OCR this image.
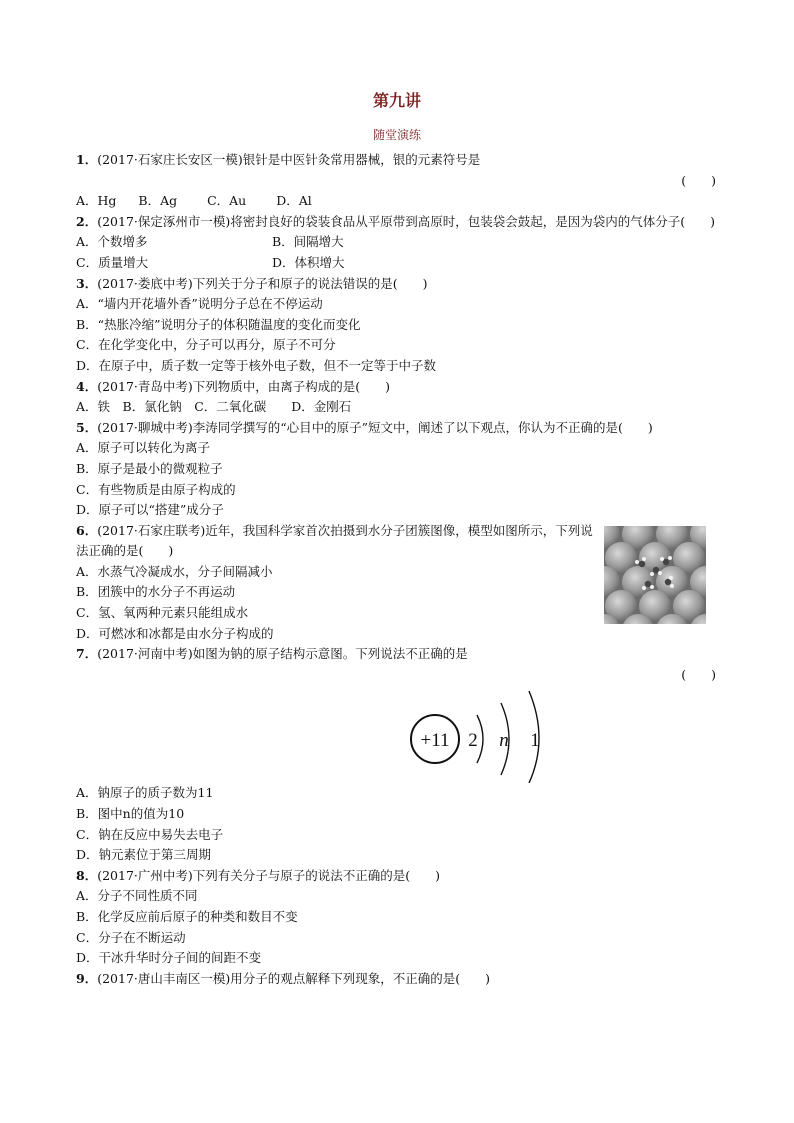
第九讲
随堂演练
1．(2017·石家庄长安区一模)银针是中医针灸常用器械，银的元素符号是
(　　)
A．Hg B．Ag C．Au D．Al
2．(2017·保定涿州市一模)将密封良好的袋装食品从平原带到高原时，包装袋会鼓起，是因为袋内的气体分子(　　)
A．个数增多	B．间隔增大
C．质量增大	D．体积增大
3．(2017·娄底中考)下列关于分子和原子的说法错误的是(　　)
A．“墙内开花墙外香”说明分子总在不停运动
B．“热胀冷缩”说明分子的体积随温度的变化而变化
C．在化学变化中，分子可以再分，原子不可分
D．在原子中，质子数一定等于核外电子数，但不一定等于中子数
4．(2017·青岛中考)下列物质中，由离子构成的是(　　)
A．铁　B．氯化钠　C．二氧化碳　　D．金刚石
5．(2017·聊城中考)李涛同学撰写的“心目中的原子”短文中，阐述了以下观点，你认为不正确的是(　　)
A．原子可以转化为离子
B．原子是最小的微观粒子
C．有些物质是由原子构成的
D．原子可以“搭建”成分子
6．(2017·石家庄联考)近年，我国科学家首次拍摄到水分子团簇图像，模型如图所示，下列说法正确的是(　　)
A．水蒸气冷凝成水，分子间隔减小
B．团簇中的水分子不再运动
C．氢、氧两种元素只能组成水
D．可燃冰和冰都是由水分子构成的
7．(2017·河南中考)如图为钠的原子结构示意图。下列说法不正确的是
(　　)
+11 2 n 1
A．钠原子的质子数为11
B．图中n的值为10
C．钠在反应中易失去电子
D．钠元素位于第三周期
8．(2017·广州中考)下列有关分子与原子的说法不正确的是(　　)
A．分子不同性质不同
B．化学反应前后原子的种类和数目不变
C．分子在不断运动
D．干冰升华时分子间的间距不变
9．(2017·唐山丰南区一模)用分子的观点解释下列现象，不正确的是(　　)
